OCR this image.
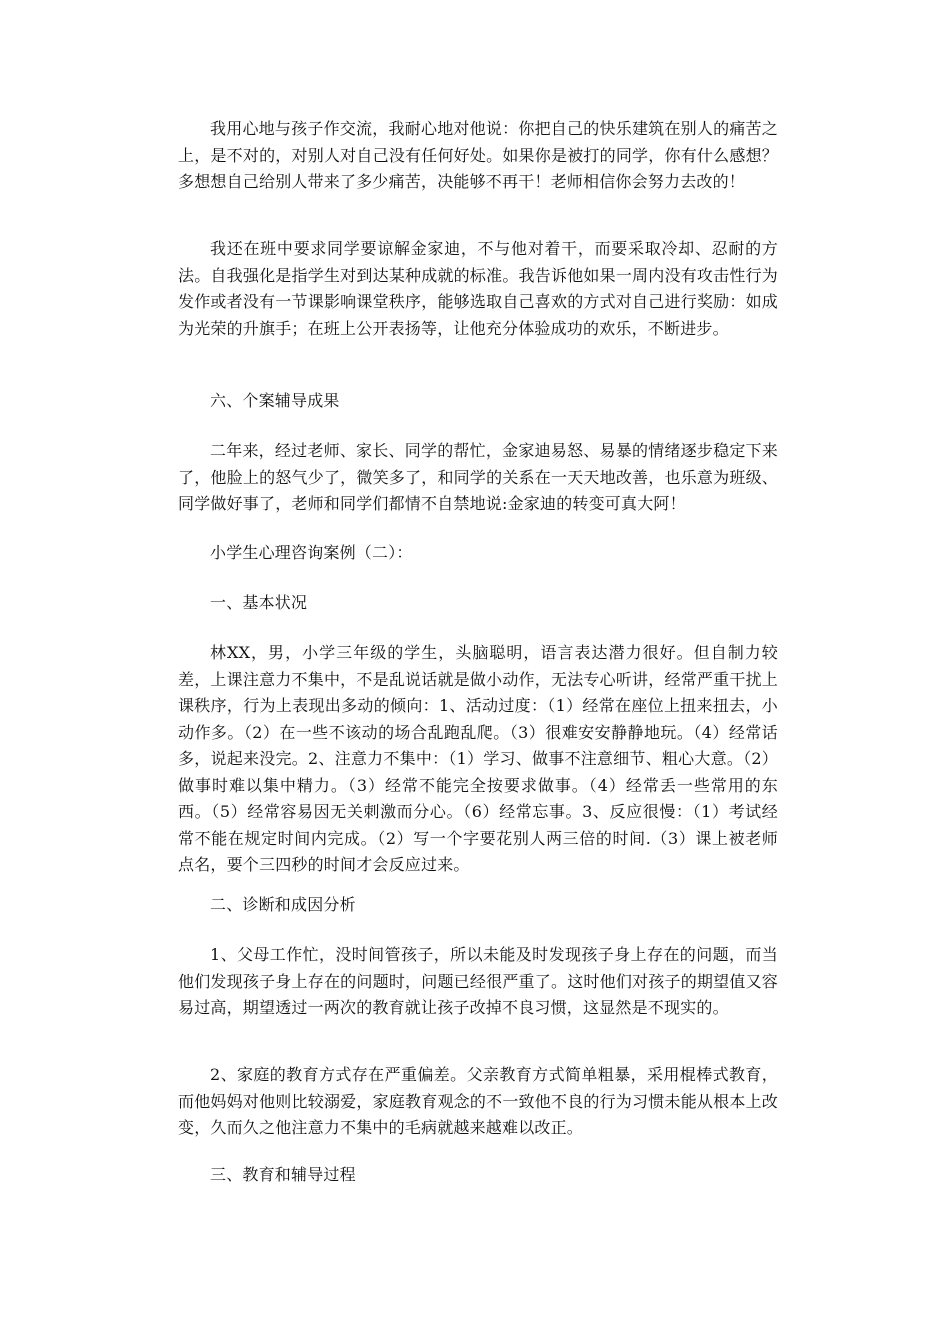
我用心地与孩子作交流，我耐心地对他说：你把自己的快乐建筑在别人的痛苦之上，是不对的，对别人对自己没有任何好处。如果你是被打的同学，你有什么感想？多想想自己给别人带来了多少痛苦，决能够不再干！老师相信你会努力去改的！

我还在班中要求同学要谅解金家迪，不与他对着干，而要采取冷却、忍耐的方法。自我强化是指学生对到达某种成就的标准。我告诉他如果一周内没有攻击性行为发作或者没有一节课影响课堂秩序，能够选取自己喜欢的方式对自己进行奖励：如成为光荣的升旗手；在班上公开表扬等，让他充分体验成功的欢乐，不断进步。

六、个案辅导成果

二年来，经过老师、家长、同学的帮忙，金家迪易怒、易暴的情绪逐步稳定下来了，他脸上的怒气少了，微笑多了，和同学的关系在一天天地改善，也乐意为班级、同学做好事了，老师和同学们都情不自禁地说:金家迪的转变可真大阿！

小学生心理咨询案例（二）：

一、基本状况

林XX，男，小学三年级的学生，头脑聪明，语言表达潜力很好。但自制力较差，上课注意力不集中，不是乱说话就是做小动作，无法专心听讲，经常严重干扰上课秩序，行为上表现出多动的倾向：1、活动过度：（1）经常在座位上扭来扭去，小动作多。（2）在一些不该动的场合乱跑乱爬。（3）很难安安静静地玩。（4）经常话多，说起来没完。2、注意力不集中：（1）学习、做事不注意细节、粗心大意。（2）做事时难以集中精力。（3）经常不能完全按要求做事。（4）经常丢一些常用的东西。（5）经常容易因无关刺激而分心。（6）经常忘事。3、反应很慢：（1）考试经常不能在规定时间内完成。（2）写一个字要花别人两三倍的时间.（3）课上被老师点名，要个三四秒的时间才会反应过来。

二、诊断和成因分析

1、父母工作忙，没时间管孩子，所以未能及时发现孩子身上存在的问题，而当他们发现孩子身上存在的问题时，问题已经很严重了。这时他们对孩子的期望值又容易过高，期望透过一两次的教育就让孩子改掉不良习惯，这显然是不现实的。

2、家庭的教育方式存在严重偏差。父亲教育方式简单粗暴，采用棍棒式教育，而他妈妈对他则比较溺爱，家庭教育观念的不一致他不良的行为习惯未能从根本上改变，久而久之他注意力不集中的毛病就越来越难以改正。

三、教育和辅导过程
